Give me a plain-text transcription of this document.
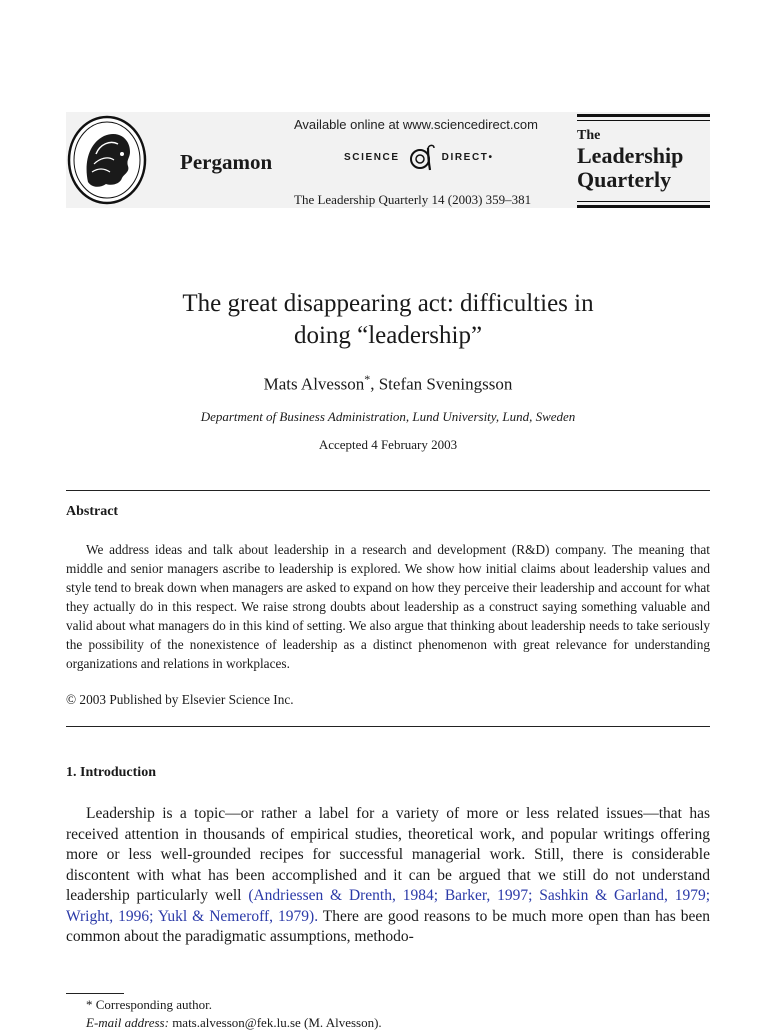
Pergamon
Available online at www.sciencedirect.com
SCIENCE	DIRECT•
The Leadership Quarterly 14 (2003) 359–381
The
Leadership
Quarterly
The great disappearing act: difficulties in
doing “leadership”
Mats Alvesson*, Stefan Sveningsson
Department of Business Administration, Lund University, Lund, Sweden
Accepted 4 February 2003
Abstract

We address ideas and talk about leadership in a research and development (R&D) company. The meaning that middle and senior managers ascribe to leadership is explored. We show how initial claims about leadership values and style tend to break down when managers are asked to expand on how they perceive their leadership and account for what they actually do in this respect. We raise strong doubts about leadership as a construct saying something valuable and valid about what managers do in this kind of setting. We also argue that thinking about leadership needs to take seriously the possibility of the nonexistence of leadership as a distinct phenomenon with great relevance for understanding organizations and relations in workplaces.

© 2003 Published by Elsevier Science Inc.
1. Introduction

Leadership is a topic—or rather a label for a variety of more or less related issues—that has received attention in thousands of empirical studies, theoretical work, and popular writings offering more or less well-grounded recipes for successful managerial work. Still, there is considerable discontent with what has been accomplished and it can be argued that we still do not understand leadership particularly well (Andriessen & Drenth, 1984; Barker, 1997; Sashkin & Garland, 1979; Wright, 1996; Yukl & Nemeroff, 1979). There are good reasons to be much more open than has been common about the paradigmatic assumptions, methodo-

* Corresponding author.
E-mail address: mats.alvesson@fek.lu.se (M. Alvesson).
